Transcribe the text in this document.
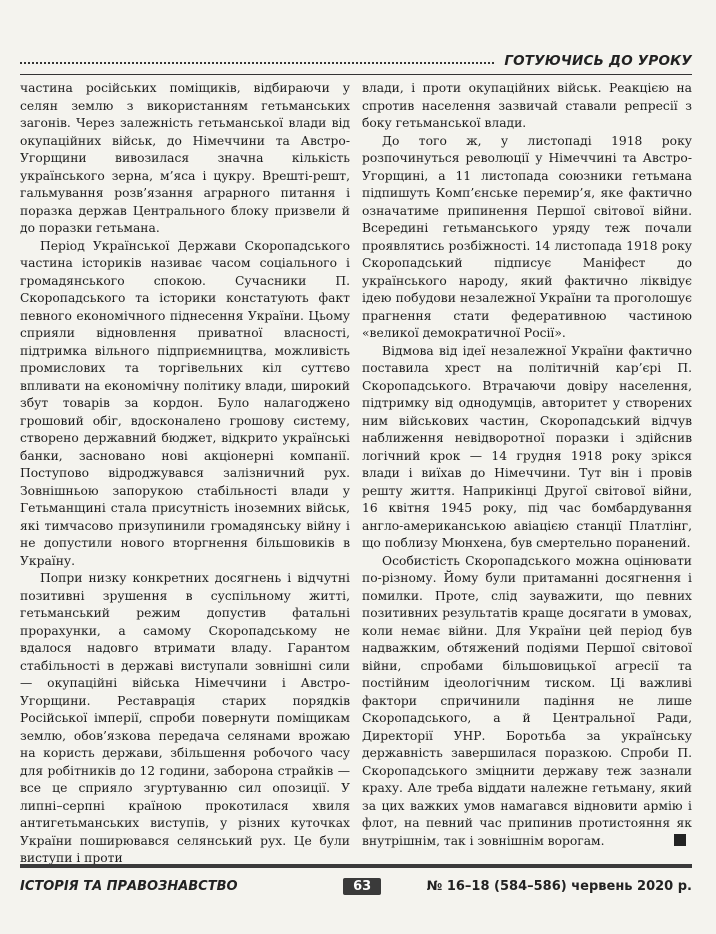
ГОТУЮЧИСЬ ДО УРОКУ

частина російських поміщиків, відбираючи у селян землю з використанням гетьманських загонів. Через залежність гетьманської влади від окупаційних військ, до Німеччини та Австро-Угорщини вивозилася значна кількість українського зерна, м’яса і цукру. Врешті-решт, гальмування розв’язання аграрного питання і поразка держав Центрального блоку призвели й до поразки гетьмана.

Період Української Держави Скоропадського частина істориків називає часом соціального і громадянського спокою. Сучасники П. Скоропадського та історики констатують факт певного економічного піднесення України. Цьому сприяли відновлення приватної власності, підтримка вільного підприємництва, можливість промислових та торгівельних кіл суттєво впливати на економічну політику влади, широкий збут товарів за кордон. Було налагоджено грошовий обіг, вдосконалено грошову систему, створено державний бюджет, відкрито українські банки, засновано нові акціонерні компанії. Поступово відроджувався залізничний рух. Зовнішньою запорукою стабільності влади у Гетьманщині стала присутність іноземних військ, які тимчасово призупинили громадянську війну і не допустили нового вторгнення більшовиків в Україну.

Попри низку конкретних досягнень і відчутні позитивні зрушення в суспільному житті, гетьманський режим допустив фатальні прорахунки, а самому Скоропадському не вдалося надовго втримати владу. Гарантом стабільності в державі виступали зовнішні сили — окупаційні війська Німеччини і Австро-Угорщини. Реставрація старих порядків Російської імперії, спроби повернути поміщикам землю, обов’язкова передача селянами врожаю на користь держави, збільшення робочого часу для робітників до 12 години, заборона страйків — все це сприяло згуртуванню сил опозиції. У липні–серпні країною прокотилася хвиля антигетьманських виступів, у різних куточках України поширювався селянський рух. Це були виступи і проти

влади, і проти окупаційних військ. Реакцією на спротив населення зазвичай ставали репресії з боку гетьманської влади.

До того ж, у листопаді 1918 року розпочинуться революції у Німеччині та Австро-Угорщині, а 11 листопада союзники гетьмана підпишуть Комп’єнське перемир’я, яке фактично означатиме припинення Першої світової війни. Всередині гетьманського уряду теж почали проявлятись розбіжності. 14 листопада 1918 року Скоропадський підписує Маніфест до українського народу, який фактично ліквідує ідею побудови незалежної України та проголошує прагнення стати федеративною частиною «великої демократичної Росії».

Відмова від ідеї незалежної України фактично поставила хрест на політичній кар’єрі П. Скоропадського. Втрачаючи довіру населення, підтримку від однодумців, авторитет у створених ним військових частин, Скоропадський відчув наближення невідворотної поразки і здійснив логічний крок — 14 грудня 1918 року зрікся влади і виїхав до Німеччини. Тут він і провів решту життя. Наприкінці Другої світової війни, 16 квітня 1945 року, під час бомбардування англо-американською авіацією станції Платлінг, що поблизу Мюнхена, був смертельно поранений.

Особистість Скоропадського можна оцінювати по-різному. Йому були притаманні досягнення і помилки. Проте, слід зауважити, що певних позитивних результатів краще досягати в умовах, коли немає війни. Для України цей період був надважким, обтяжений подіями Першої світової війни, спробами більшовицької агресії та постійним ідеологічним тиском. Ці важливі фактори спричинили падіння не лише Скоропадського, а й Центральної Ради, Директорії УНР. Боротьба за українську державність завершилася поразкою. Спроби П. Скоропадського зміцнити державу теж зазнали краху. Але треба віддати належне гетьману, який за цих важких умов намагався відновити армію і флот, на певний час припинив протистояння як внутрішнім, так і зовнішнім ворогам.

ІСТОРІЯ ТА ПРАВОЗНАВСТВО	63	№ 16–18 (584–586) червень 2020 р.
